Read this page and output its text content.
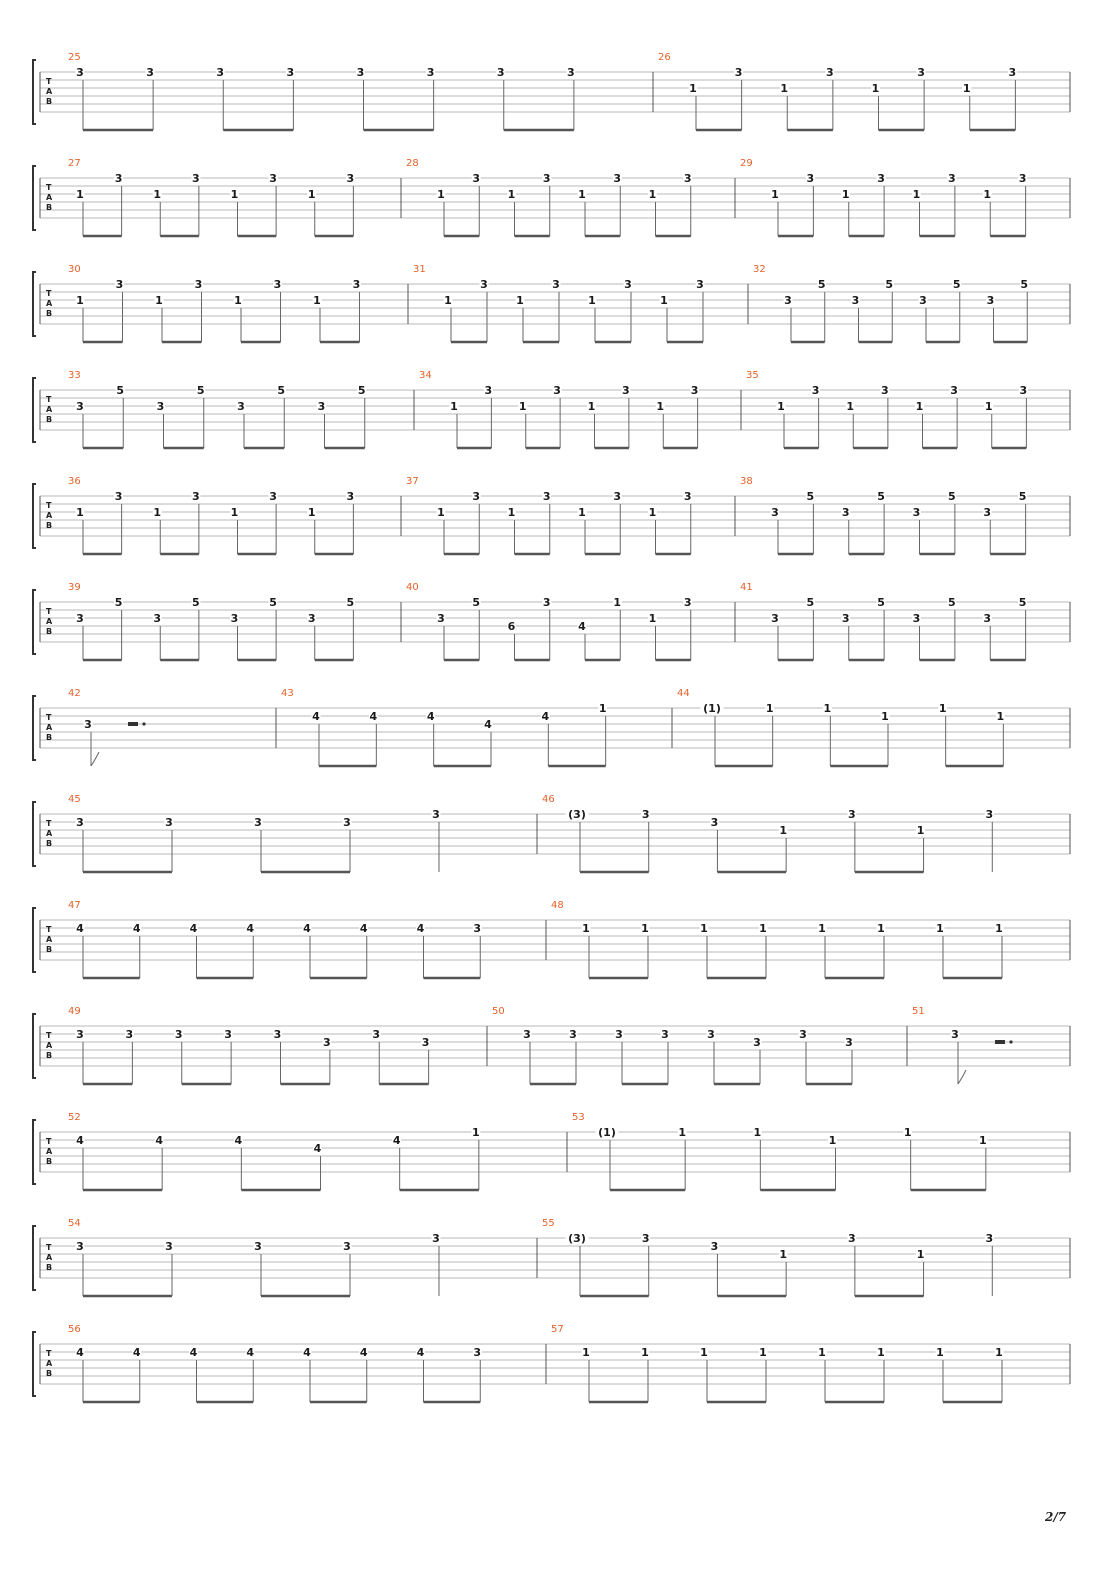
T
A
B
25
3	3	3	3	3	3	3	3
26
1
3
1
3
1
3
1
3
T
A
B
27
1
3
1
3
1
3
1
3
28
1
3
1
3
1
3
1
3
29
1
3
1
3
1
3
1
3
T
A
B
30
1
3
1
3
1
3
1
3
31
1
3
1
3
1
3
1
3
32
3
5
3
5
3
5
3
5
T
A
B
33
3
5
3
5
3
5
3
5
34
1
3
1
3
1
3
1
3
35
1
3
1
3
1
3
1
3
T
A
B
36
1
3
1
3
1
3
1
3
37
1
3
1
3
1
3
1
3
38
3
5
3
5
3
5
3
5
T
A
B
39
3
5
3
5
3
5
3
5
40
3
5
6
3
4
1
1
3
41
3
5
3
5
3
5
3
5
T
A
B
42
3
43
4	4	4
4
4
1
44
(1)	1	1
1
1
1
T
A
B
45
3	3	3	3
3
46
(3)	3
3
1
3
1
3
T
A
B
47
4	4	4	4	4	4	4	3
48
1	1	1	1	1	1	1	1
T
A
B
49
3	3	3	3	3
3
3
3
50
3	3	3	3	3
3
3
3
51
3
T
A
B
52
4	4	4
4
4
1
53
(1)	1	1
1
1
1
T
A
B
54
3	3	3	3
3
55
(3)	3
3
1
3
1
3
T
A
B
56
4	4	4	4	4	4	4	3
57
1	1	1	1	1	1	1	1
2/7
